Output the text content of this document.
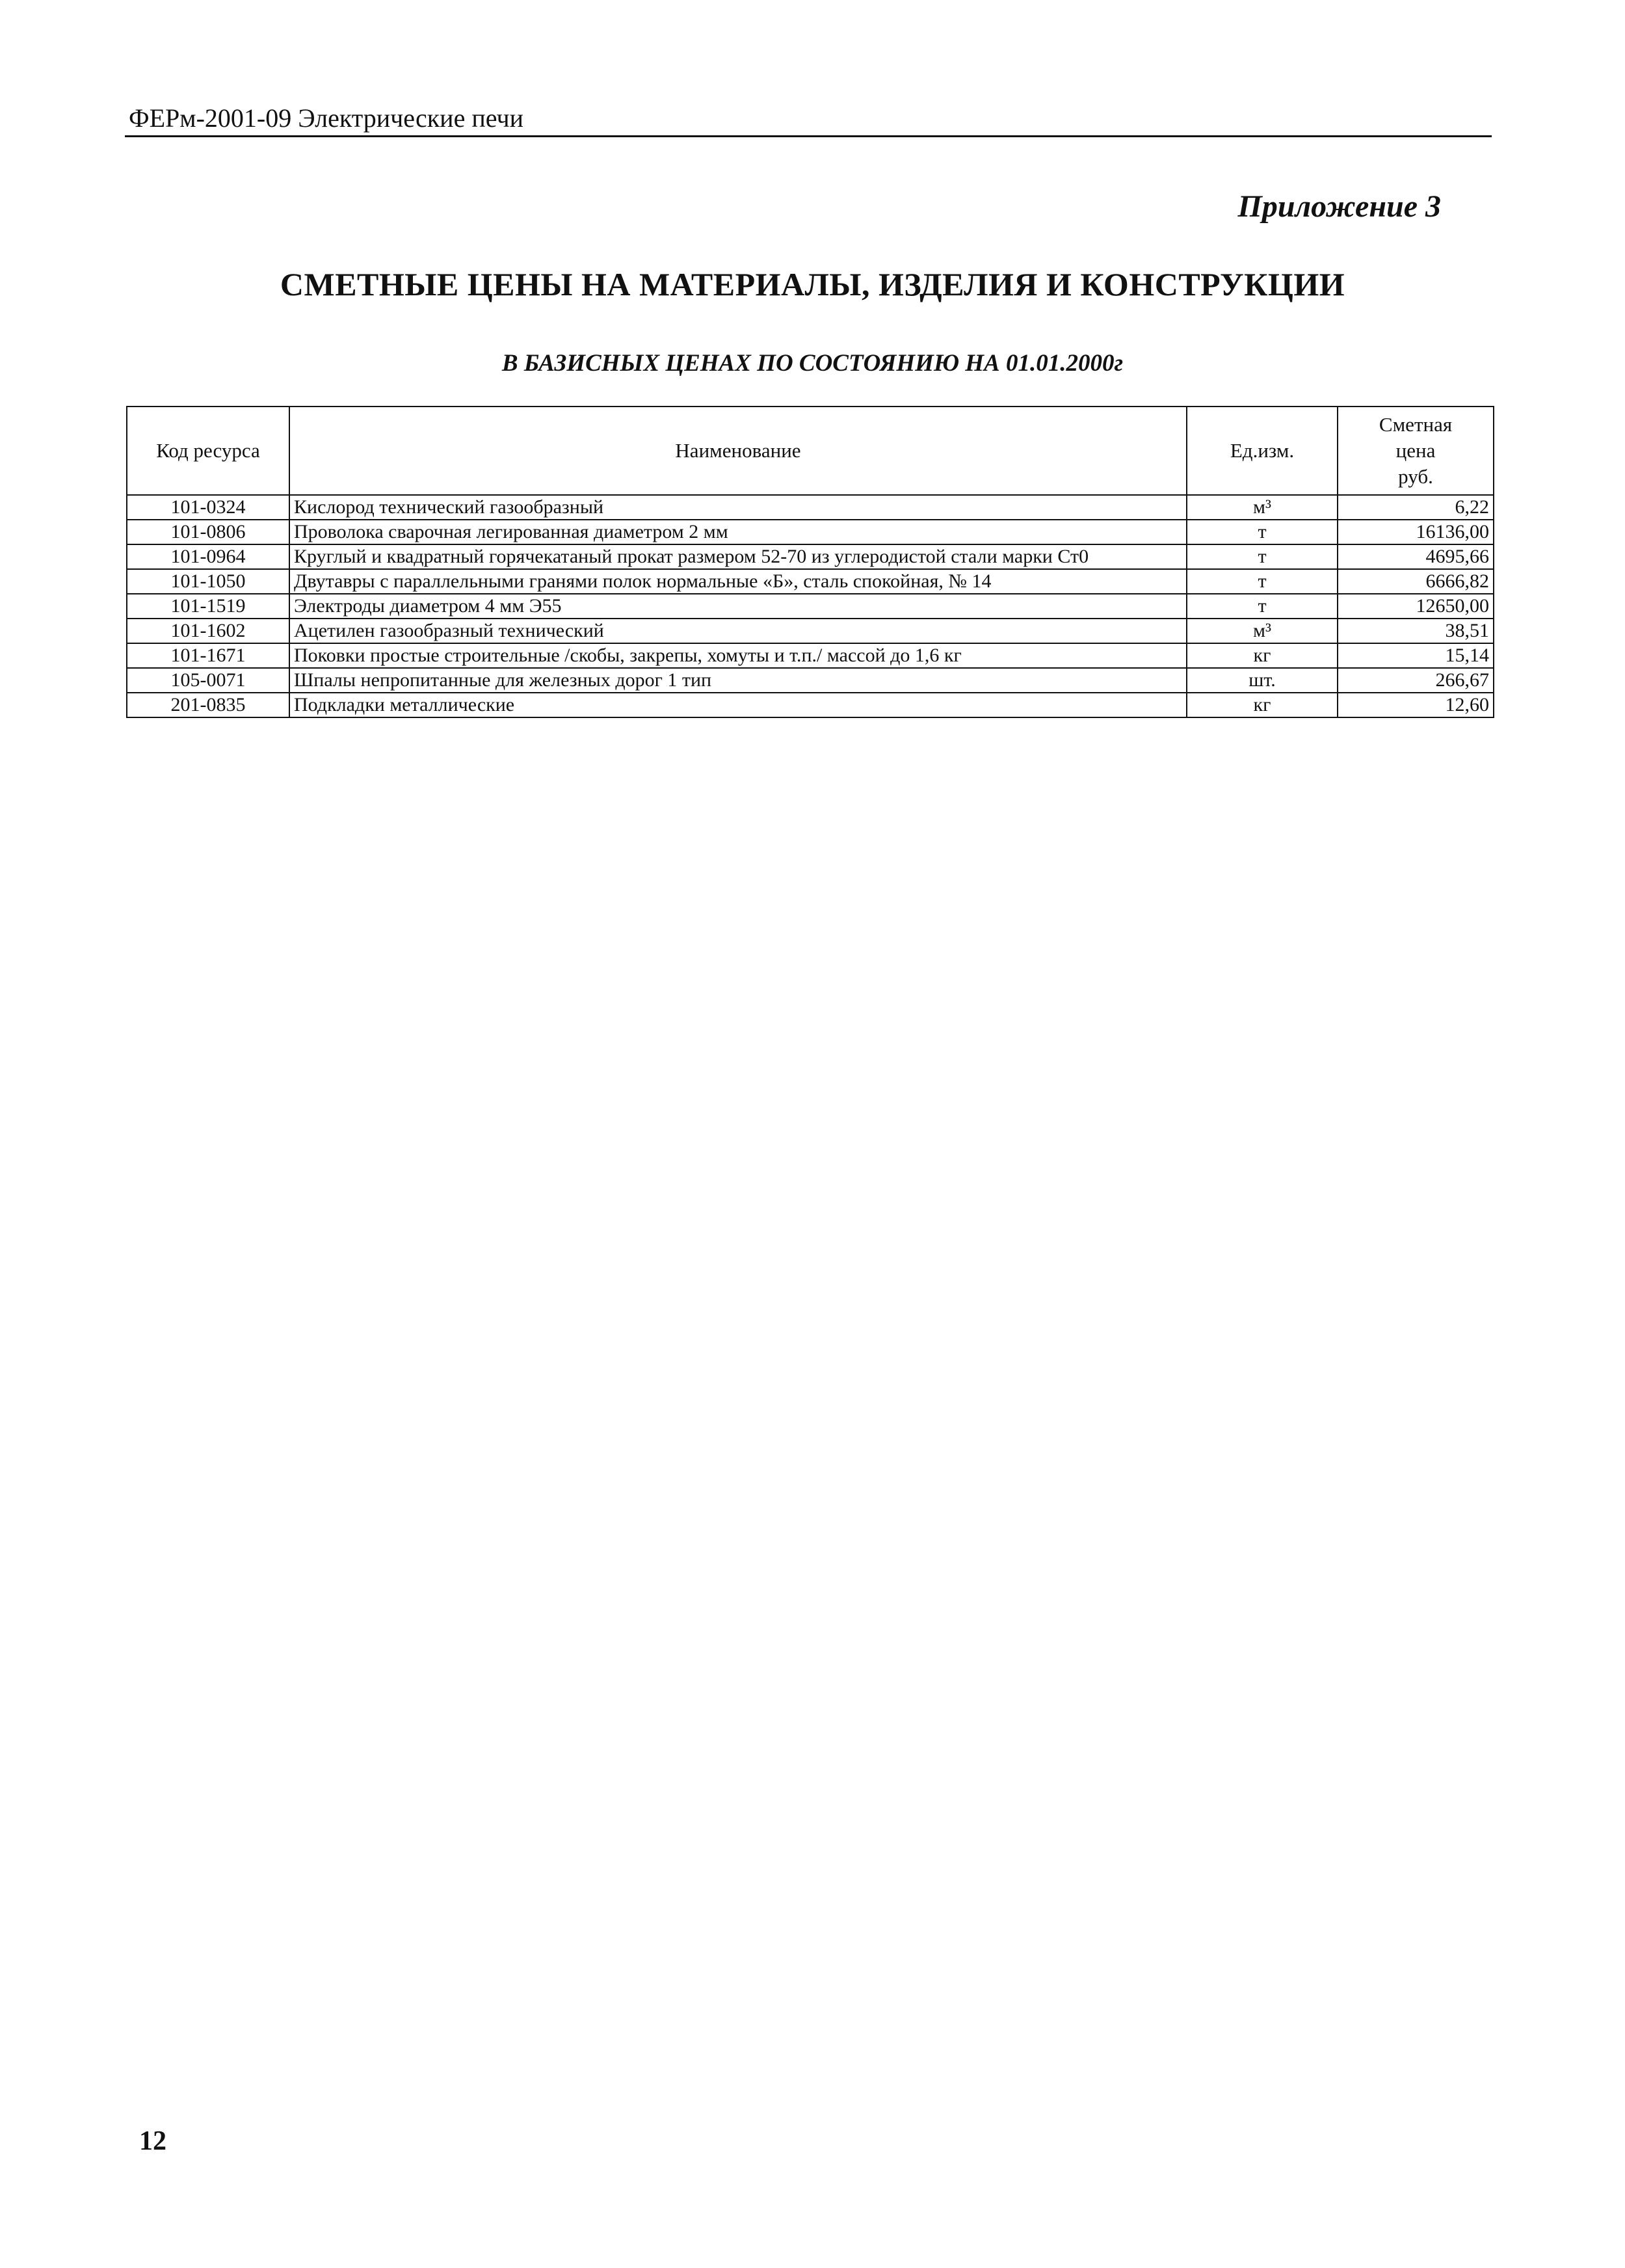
ФЕРм-2001-09 Электрические печи
Приложение 3
СМЕТНЫЕ ЦЕНЫ НА МАТЕРИАЛЫ, ИЗДЕЛИЯ И КОНСТРУКЦИИ
В БАЗИСНЫХ ЦЕНАХ ПО СОСТОЯНИЮ НА 01.01.2000г
Код ресурса	Наименование	Ед.изм.	Сметная
цена
руб.

101-0324	Кислород технический газообразный	м³	6,22
101-0806	Проволока сварочная легированная диаметром 2 мм	т	16136,00
101-0964	Круглый и квадратный горячекатаный прокат размером 52-70 из углеродистой стали марки Ст0	т	4695,66
101-1050	Двутавры с параллельными гранями полок нормальные «Б», сталь спокойная, № 14	т	6666,82
101-1519	Электроды диаметром 4 мм Э55	т	12650,00
101-1602	Ацетилен газообразный технический	м³	38,51
101-1671	Поковки простые строительные /скобы, закрепы, хомуты и т.п./ массой до 1,6 кг	кг	15,14
105-0071	Шпалы непропитанные для железных дорог 1 тип	шт.	266,67
201-0835	Подкладки металлические	кг	12,60
12
